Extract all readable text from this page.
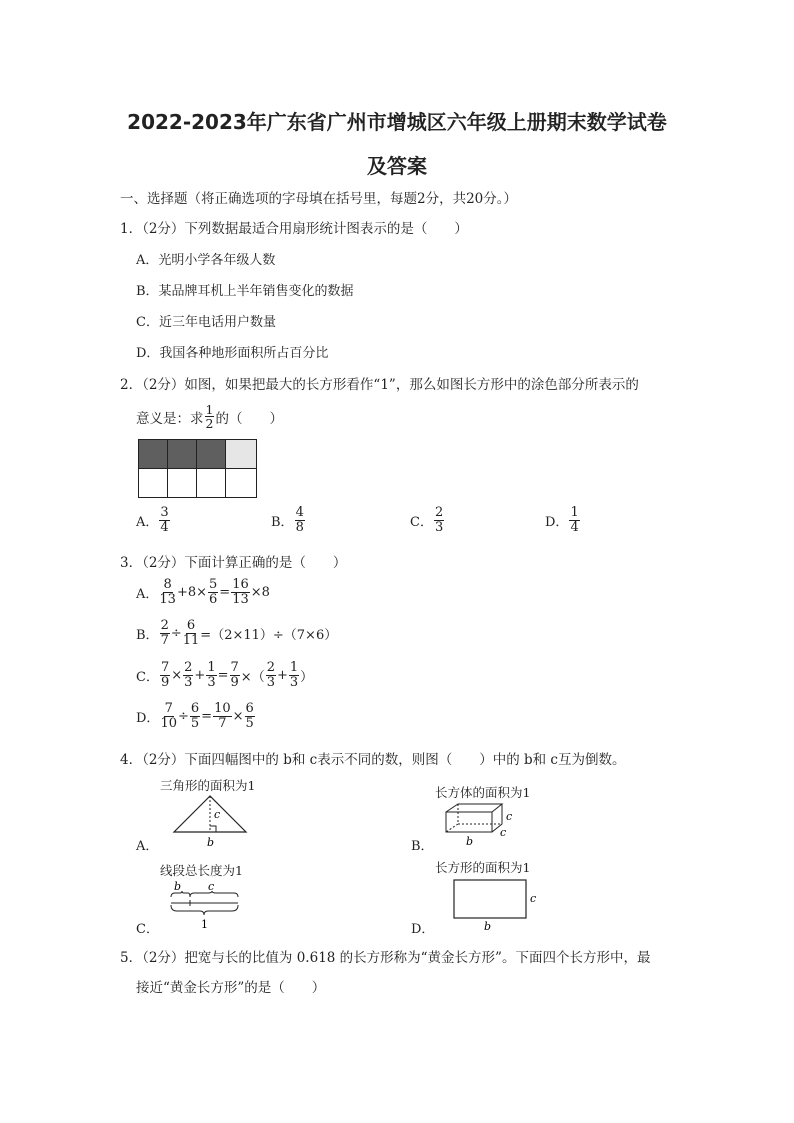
2022-2023年广东省广州市增城区六年级上册期末数学试卷
及答案
一、选择题（将正确选项的字母填在括号里，每题2分，共20分。）
1．（2分）下列数据最适合用扇形统计图表示的是（　　）
A．光明小学各年级人数
B．某品牌耳机上半年销售变化的数据
C．近三年电话用户数量
D．我国各种地形面积所占百分比
2．（2分）如图，如果把最大的长方形看作“1”，那么如图长方形中的涂色部分所表示的
意义是：求 $\frac{1}{2}$ 的（　　）
A． $\frac{3}{4}$	B． $\frac{4}{8}$	C． $\frac{2}{3}$	D． $\frac{1}{4}$
3．（2分）下面计算正确的是（　　）
A． $\frac{8}{13} +8\times \frac{5}{6} = \frac{16}{13} \times 8$
B． $\frac{2}{7} \div \frac{6}{11} =(2\times 11)\div(7\times 6)$
C． $\frac{7}{9} \times \frac{2}{3} + \frac{1}{3} = \frac{7}{9}$ ×（ $\frac{2}{3} + \frac{1}{3}$ ）
D． $\frac{7}{10} \div \frac{6}{5} = \frac{10}{7} \times \frac{6}{5}$
4．（2分）下面四幅图中的 b和 c表示不同的数，则图（　　）中的 b和 c互为倒数。
三角形的面积为1
c
b
A．
长方体的面积为1
c
c
b
B．
线段总长度为1
b c
1
C．
长方形的面积为1
c
b
D．
5．（2分）把宽与长的比值为 0.618 的长方形称为“黄金长方形”。下面四个长方形中，最
接近“黄金长方形”的是（　　）
